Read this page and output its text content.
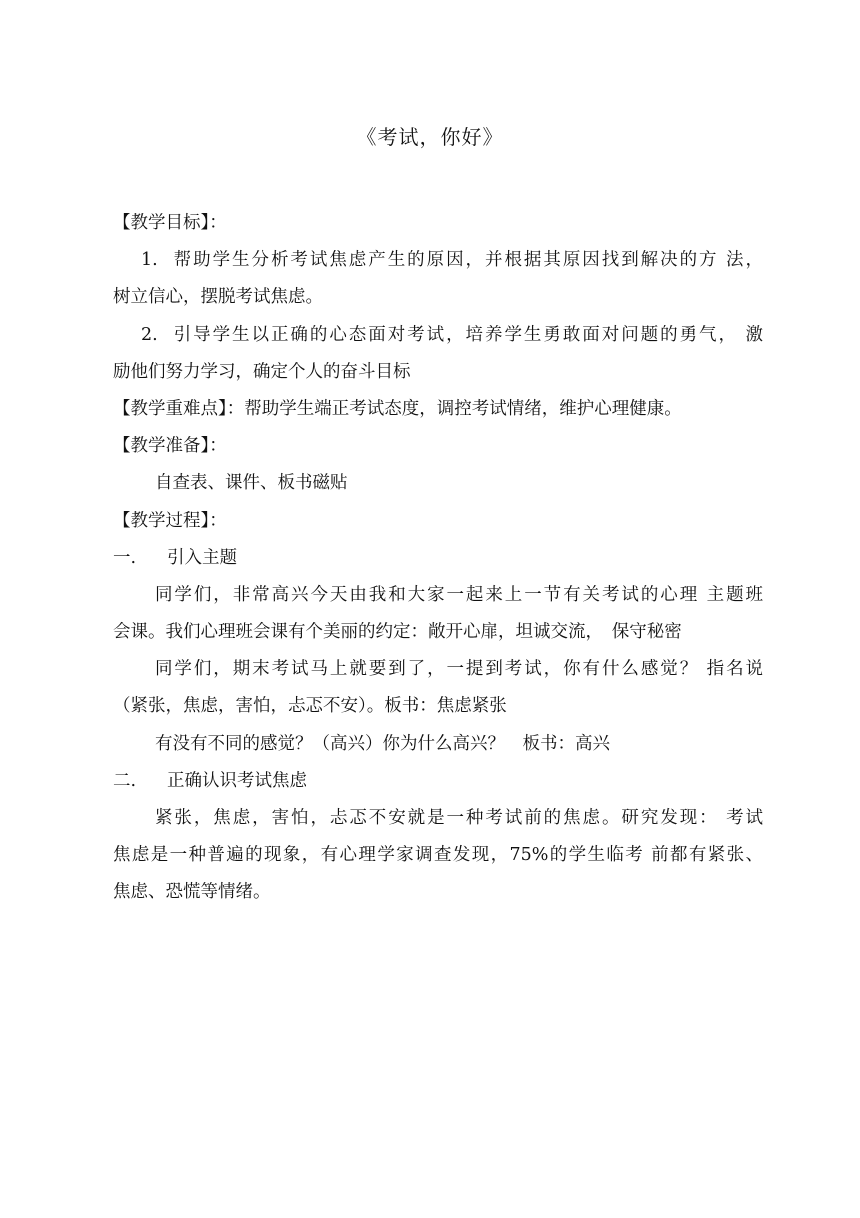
《考试，你好》
【教学目标】：
1. 帮助学生分析考试焦虑产生的原因，并根据其原因找到解决的方 法，
树立信心，摆脱考试焦虑。
2. 引导学生以正确的心态面对考试，培养学生勇敢面对问题的勇气， 激
励他们努力学习，确定个人的奋斗目标
【教学重难点】：帮助学生端正考试态度，调控考试情绪，维护心理健康。
【教学准备】：
自查表、课件、板书磁贴
【教学过程】：
一. 引入主题
同学们，非常高兴今天由我和大家一起来上一节有关考试的心理 主题班
会课。我们心理班会课有个美丽的约定：敞开心扉，坦诚交流，　保守秘密
同学们，期末考试马上就要到了，一提到考试，你有什么感觉？ 指名说
（紧张，焦虑，害怕，忐忑不安）。板书：焦虑紧张
有没有不同的感觉？（高兴）你为什么高兴？　板书：高兴
二. 正确认识考试焦虑
紧张，焦虑，害怕，忐忑不安就是一种考试前的焦虑。研究发现： 考试
焦虑是一种普遍的现象，有心理学家调查发现，75%的学生临考 前都有紧张、
焦虑、恐慌等情绪。
